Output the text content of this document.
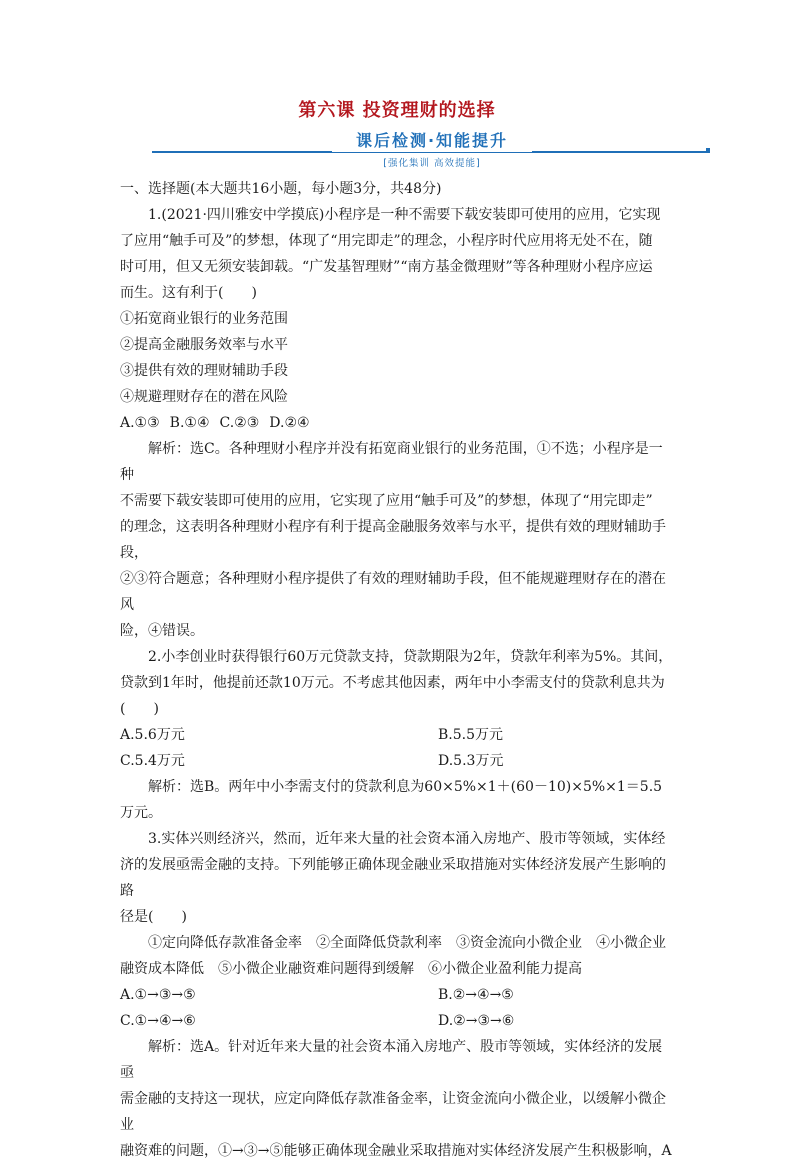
第六课 投资理财的选择
课后检测·知能提升
[强化集训 高效提能]

一、选择题(本大题共16小题，每小题3分，共48分)

1.(2021·四川雅安中学摸底)小程序是一种不需要下载安装即可使用的应用，它实现

了应用“触手可及”的梦想，体现了“用完即走”的理念，小程序时代应用将无处不在，随

时可用，但又无须安装卸载。“广发基智理财”“南方基金微理财”等各种理财小程序应运

而生。这有利于(　　)

①拓宽商业银行的业务范围

②提高金融服务效率与水平

③提供有效的理财辅助手段

④规避理财存在的潜在风险

A.①③ B.①④ C.②③ D.②④

解析：选C。各种理财小程序并没有拓宽商业银行的业务范围，①不选；小程序是一种

不需要下载安装即可使用的应用，它实现了应用“触手可及”的梦想，体现了“用完即走”

的理念，这表明各种理财小程序有利于提高金融服务效率与水平，提供有效的理财辅助手段，

②③符合题意；各种理财小程序提供了有效的理财辅助手段，但不能规避理财存在的潜在风

险，④错误。

2.小李创业时获得银行60万元贷款支持，贷款期限为2年，贷款年利率为5%。其间，

贷款到1年时，他提前还款10万元。不考虑其他因素，两年中小李需支付的贷款利息共为

(　　)

A.5.6万元	B.5.5万元

C.5.4万元	D.5.3万元

解析：选B。两年中小李需支付的贷款利息为60×5%×1＋(60－10)×5%×1＝5.5万元。

3.实体兴则经济兴，然而，近年来大量的社会资本涌入房地产、股市等领域，实体经

济的发展亟需金融的支持。下列能够正确体现金融业采取措施对实体经济发展产生影响的路

径是(　　)

①定向降低存款准备金率　②全面降低贷款利率　③资金流向小微企业　④小微企业

融资成本降低　⑤小微企业融资难问题得到缓解　⑥小微企业盈利能力提高

A.①→③→⑤	B.②→④→⑤

C.①→④→⑥	D.②→③→⑥

解析：选A。针对近年来大量的社会资本涌入房地产、股市等领域，实体经济的发展亟

需金融的支持这一现状，应定向降低存款准备金率，让资金流向小微企业，以缓解小微企业

融资难的问题，①→③→⑤能够正确体现金融业采取措施对实体经济发展产生积极影响，A
